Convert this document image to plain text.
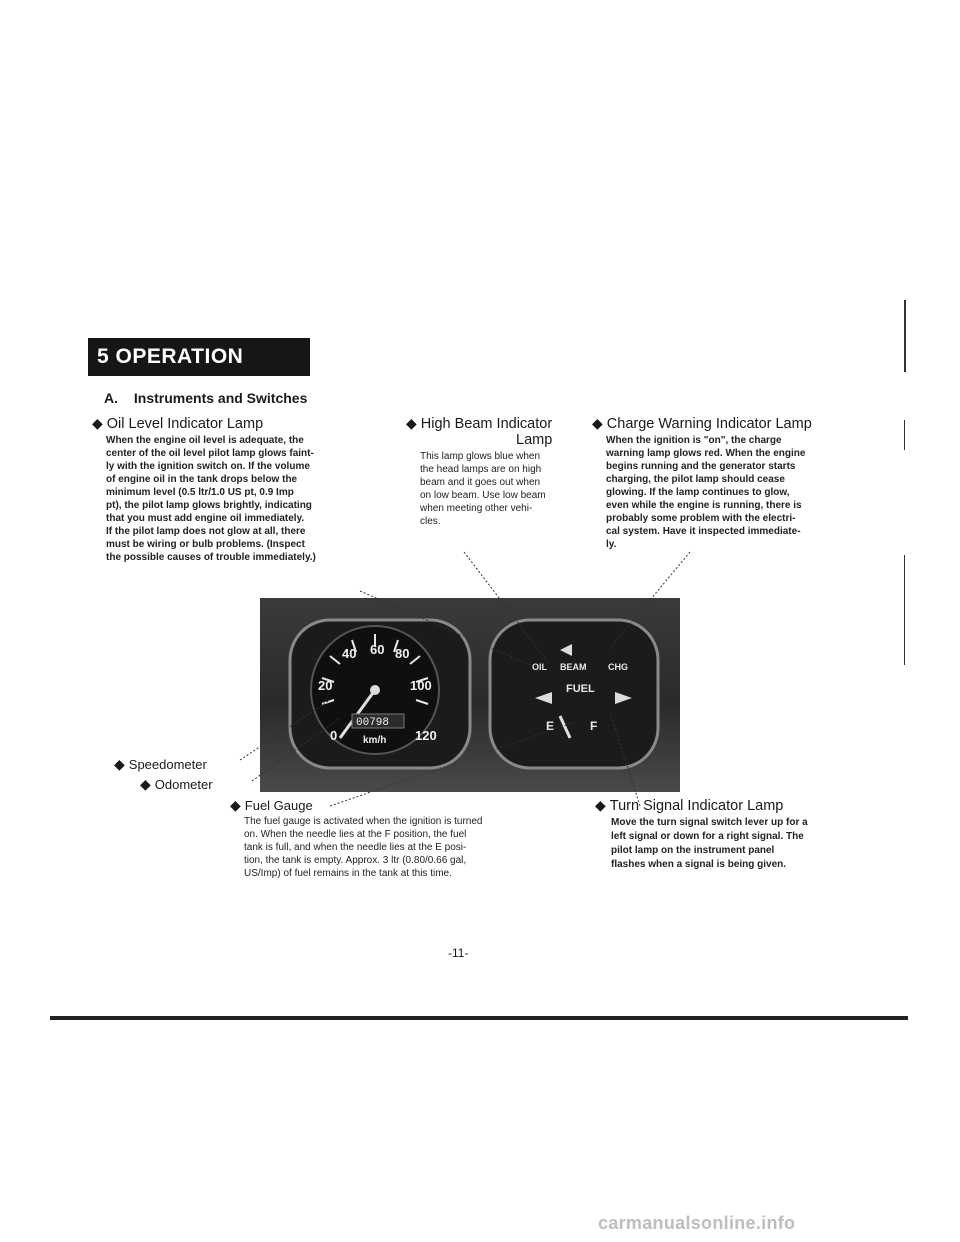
5 OPERATION
A. Instruments and Switches
◆ Oil Level Indicator Lamp
When the engine oil level is adequate, the
center of the oil level pilot lamp glows faint-
ly with the ignition switch on. If the volume
of engine oil in the tank drops below the
minimum level (0.5 ltr/1.0 US pt, 0.9 Imp
pt), the pilot lamp glows brightly, indicating
that you must add engine oil immediately.
If the pilot lamp does not glow at all, there
must be wiring or bulb problems. (Inspect
the possible causes of trouble immediately.)
◆ High Beam Indicator
Lamp
This lamp glows blue when
the head lamps are on high
beam and it goes out when
on low beam. Use low beam
when meeting other vehi-
cles.
◆ Charge Warning Indicator Lamp
When the ignition is "on", the charge
warning lamp glows red. When the engine
begins running and the generator starts
charging, the pilot lamp should cease
glowing. If the lamp continues to glow,
even while the engine is running, there is
probably some problem with the electri-
cal system. Have it inspected immediate-
ly.
40 60 80
20	100
0	120
km/h
00798
OIL BEAM CHG
FUEL
E	F
◆ Speedometer
◆ Odometer
◆ Fuel Gauge
The fuel gauge is activated when the ignition is turned
on. When the needle lies at the F position, the fuel
tank is full, and when the needle lies at the E posi-
tion, the tank is empty. Approx. 3 ltr (0.80/0.66 gal,
US/Imp) of fuel remains in the tank at this time.
◆ Turn Signal Indicator Lamp
Move the turn signal switch lever up for a
left signal or down for a right signal. The
pilot lamp on the instrument panel
flashes when a signal is being given.
-11-
carmanualsonline.info
